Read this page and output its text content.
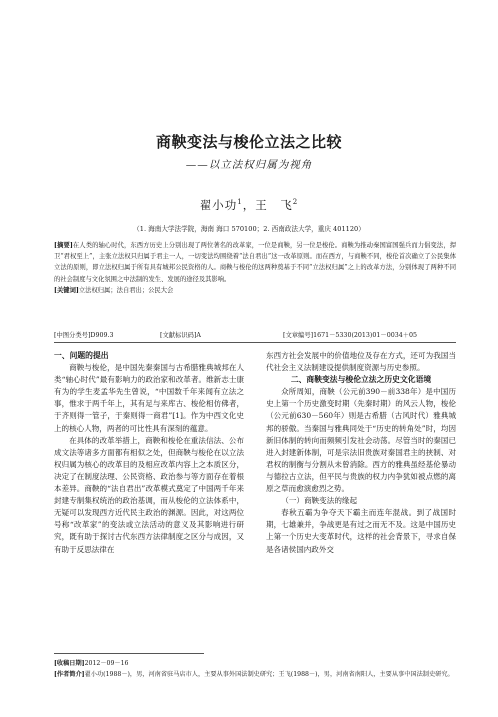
商鞅变法与梭伦立法之比较
——以立法权归属为视角
翟小功$^1$，王　飞$^2$
（1. 海南大学法学院，海南 海口 570100；2. 西南政法大学，重庆 401120）
[摘要]在人类的轴心时代，东西方历史上分别出现了两位著名的改革家，一位是商鞅，另一位是梭伦。商鞅为推动秦国富国强兵而力倡变法，捍卫“君权至上”，主张立法权只归属于君主一人，一切变法均围绕着“法自君出”这一改革原则。而在西方，与商鞅不同，梭伦首次确立了公民集体立法的原则，即立法权归属于所有具有城邦公民资格的人。商鞅与梭伦的这两种奠基于不同“立法权归属”之上的改革方法，分别体现了两种不同的社会制度与文化氛围之中法制的发生、发展的途径及其影响。
[关键词]立法权归属；法自君出；公民大会
[中图分类号]D909.3	[文献标识码]A	[文章编号]1671－5330(2013)01－0034＋05
一、问题的提出

商鞅与梭伦，是中国先秦秦国与古希腊雅典城邦在人类“轴心时代”最有影响力的政治家和改革者。维新志士康有为的学生麦孟华先生曾说，“中国数千年来闻有立法之事，惟求于两千年上，其有足与来库古、梭伦相仿佛者，于齐则得一管子，于秦则得一商君”[1]。作为中西文化史上的核心人物，两者的可比性具有深刻的蕴意。

在具体的改革举措上，商鞅和梭伦在重法信法、公布成文法等诸多方面都有相似之处，但商鞅与梭伦在以立法权归属为核心的改革目的及相应改革内容上之本质区分，决定了在制度法理、公民资格、政治参与等方面存在着根本差异。商鞅的“法自君出”改革模式奠定了中国两千年来封建专制集权统治的政治基调，而从梭伦的立法体系中，无疑可以发现西方近代民主政治的渊源。因此，对这两位号称“改革家”的变法或立法活动的意义及其影响进行研究，既有助于探讨古代东西方法律制度之区分与成因，又有助于反思法律在

东西方社会发展中的价值地位及存在方式，还可为我国当代社会主义法制建设提供制度资源与历史参照。

二、商鞅变法与梭伦立法之历史文化语境

众所周知，商鞅（公元前390－前338年）是中国历史上第一个历史激变时期（先秦时期）的风云人物，梭伦（公元前630－560年）则是古希腊（古风时代）雅典城邦的骄傲。当秦国与雅典同处于“历史的转角处”时，均因新旧体制的转向而频频引发社会动荡。尽管当时的秦国已进入封建新体制，可是宗法旧贵族对秦国君主的挟制、对君权的制衡与分割从未曾消除。西方的雅典虽经基伦暴动与德拉古立法，但平民与贵族的权力内争犹如被点燃的离原之草而愈演愈烈之势。

（一）商鞅变法的缘起

春秋五霸为争夺天下霸主而连年混战。到了战国时期，七雄兼并，争战更是有过之而无不及。这是中国历史上第一个历史大变革时代，这样的社会背景下，寻求自保是各诸侯国内政外交

[收稿日期]2012－09－16
[作者简介]翟小功(1988－)，男，河南省驻马店市人，主要从事外国法制史研究；王飞(1988－)，男，河南省南阳人，主要从事中国法制史研究。
